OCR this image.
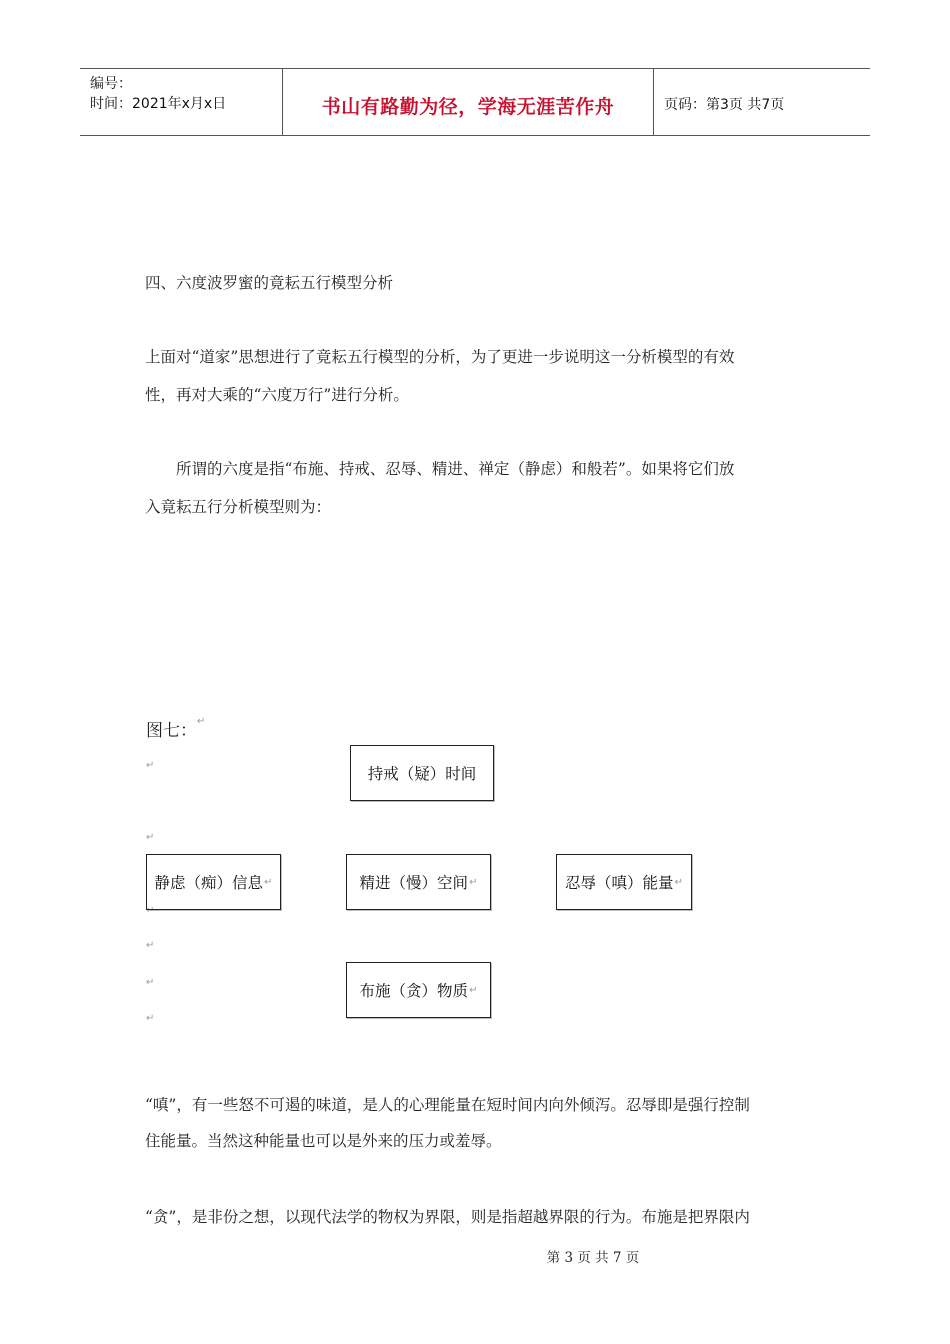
编号：
时间：2021年x月x日	书山有路勤为径，学海无涯苦作舟	页码：第3页 共7页
四、六度波罗蜜的竟耘五行模型分析
上面对“道家”思想进行了竟耘五行模型的分析，为了更进一步说明这一分析模型的有效
性，再对大乘的“六度万行”进行分析。
　　所谓的六度是指“布施、持戒、忍辱、精进、禅定（静虑）和般若”。如果将它们放
入竟耘五行分析模型则为：
图七： ↵
↵
↵
↵
↵
↵
↵
持戒（疑）时间
静虑（痴）信息 ↵	精进（慢）空间 ↵	忍辱（嗔）能量 ↵
布施（贪）物质 ↵
“嗔”，有一些怒不可遏的味道，是人的心理能量在短时间内向外倾泻。忍辱即是强行控制
住能量。当然这种能量也可以是外来的压力或羞辱。
“贪”，是非份之想，以现代法学的物权为界限，则是指超越界限的行为。布施是把界限内
第 3 页 共 7 页
